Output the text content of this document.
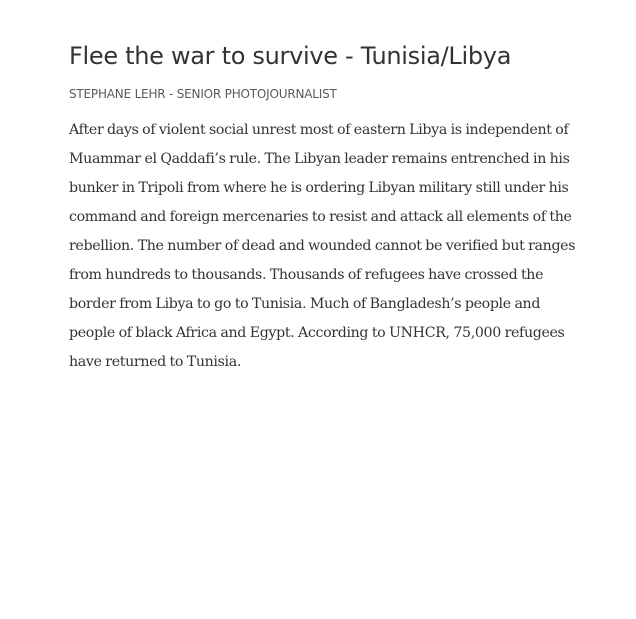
Flee the war to survive - Tunisia/Libya
STEPHANE LEHR - SENIOR PHOTOJOURNALIST

After days of violent social unrest most of eastern Libya is independent of
Muammar el Qaddafi’s rule. The Libyan leader remains entrenched in his
bunker in Tripoli from where he is ordering Libyan military still under his
command and foreign mercenaries to resist and attack all elements of the
rebellion. The number of dead and wounded cannot be verified but ranges
from hundreds to thousands. Thousands of refugees have crossed the
border from Libya to go to Tunisia. Much of Bangladesh’s people and
people of black Africa and Egypt. According to UNHCR, 75,000 refugees
have returned to Tunisia.
